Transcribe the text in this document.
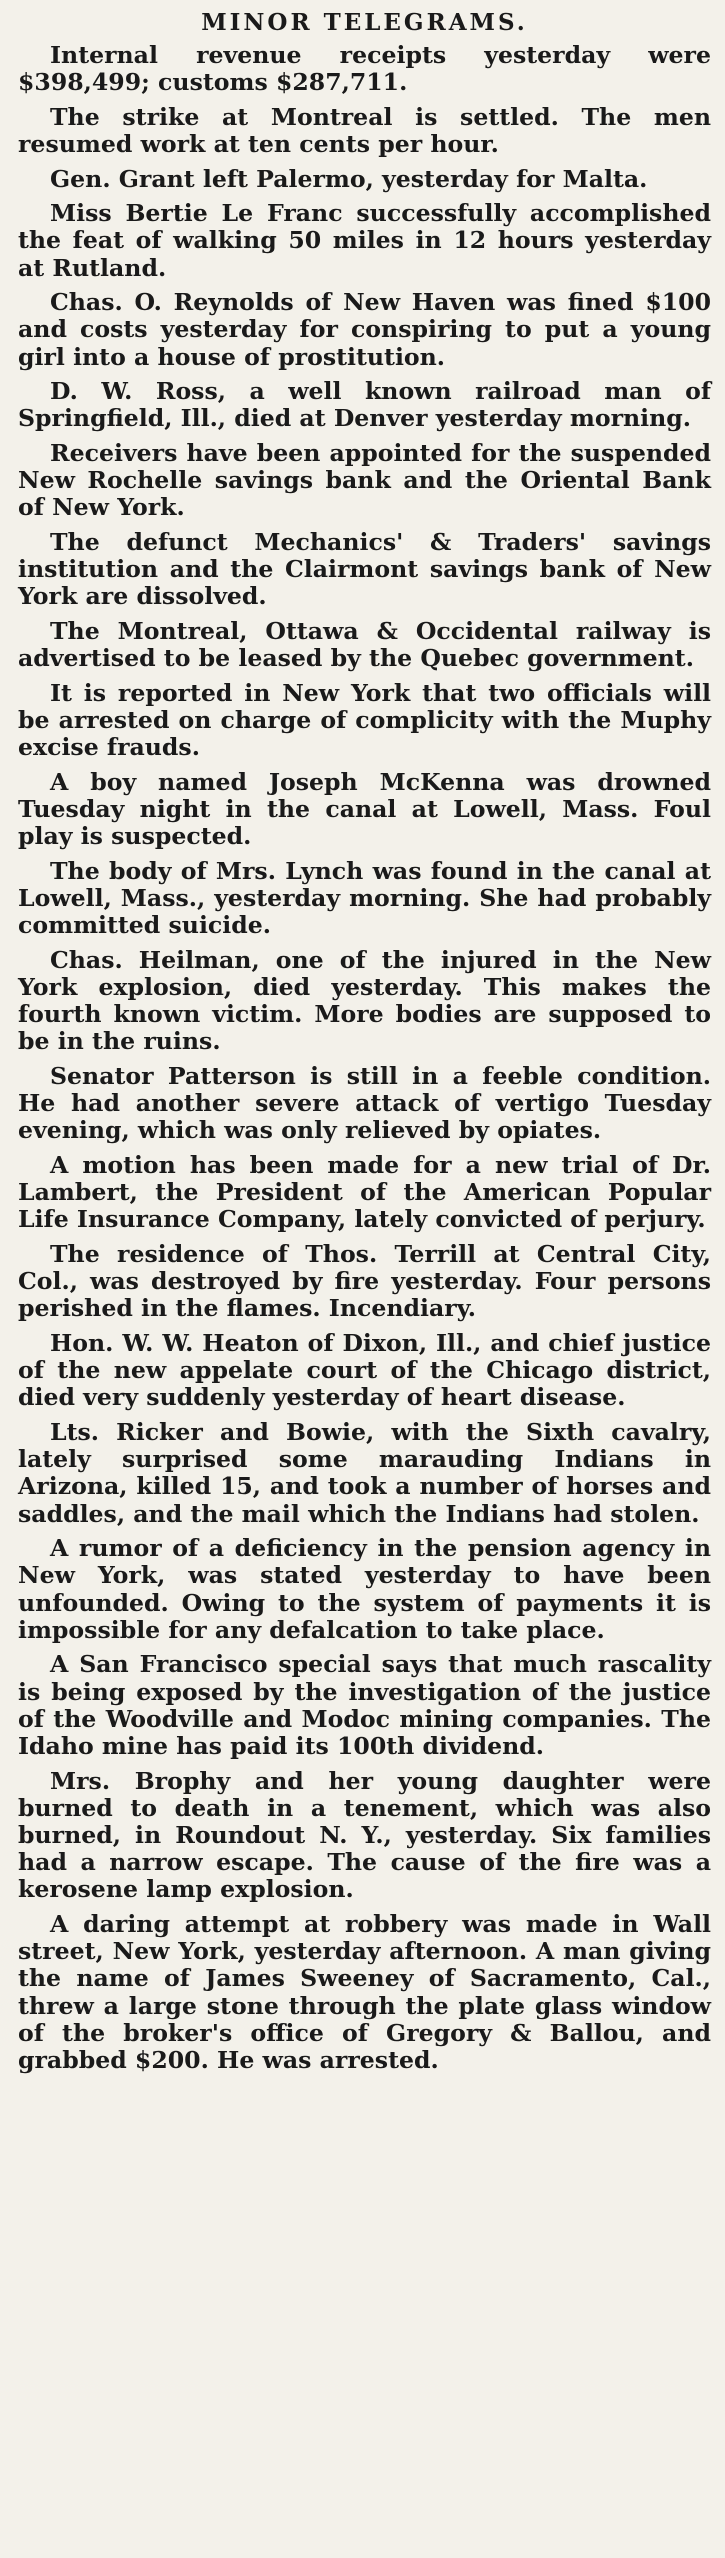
MINOR TELEGRAMS.

Internal revenue receipts yesterday were $398,499; customs $287,711.

The strike at Montreal is settled. The men resumed work at ten cents per hour.

Gen. Grant left Palermo, yesterday for Malta.

Miss Bertie Le Franc successfully accomplished the feat of walking 50 miles in 12 hours yesterday at Rutland.

Chas. O. Reynolds of New Haven was fined $100 and costs yesterday for conspiring to put a young girl into a house of prostitution.

D. W. Ross, a well known railroad man of Springfield, Ill., died at Denver yesterday morning.

Receivers have been appointed for the suspended New Rochelle savings bank and the Oriental Bank of New York.

The defunct Mechanics' & Traders' savings institution and the Clairmont savings bank of New York are dissolved.

The Montreal, Ottawa & Occidental railway is advertised to be leased by the Quebec government.

It is reported in New York that two officials will be arrested on charge of complicity with the Muphy excise frauds.

A boy named Joseph McKenna was drowned Tuesday night in the canal at Lowell, Mass. Foul play is suspected.

The body of Mrs. Lynch was found in the canal at Lowell, Mass., yesterday morning. She had probably committed suicide.

Chas. Heilman, one of the injured in the New York explosion, died yesterday. This makes the fourth known victim. More bodies are supposed to be in the ruins.

Senator Patterson is still in a feeble condition. He had another severe attack of vertigo Tuesday evening, which was only relieved by opiates.

A motion has been made for a new trial of Dr. Lambert, the President of the American Popular Life Insurance Company, lately convicted of perjury.

The residence of Thos. Terrill at Central City, Col., was destroyed by fire yesterday. Four persons perished in the flames. Incendiary.

Hon. W. W. Heaton of Dixon, Ill., and chief justice of the new appelate court of the Chicago district, died very suddenly yesterday of heart disease.

Lts. Ricker and Bowie, with the Sixth cavalry, lately surprised some marauding Indians in Arizona, killed 15, and took a number of horses and saddles, and the mail which the Indians had stolen.

A rumor of a deficiency in the pension agency in New York, was stated yesterday to have been unfounded. Owing to the system of payments it is impossible for any defalcation to take place.

A San Francisco special says that much rascality is being exposed by the investigation of the justice of the Woodville and Modoc mining companies. The Idaho mine has paid its 100th dividend.

Mrs. Brophy and her young daughter were burned to death in a tenement, which was also burned, in Roundout N. Y., yesterday. Six families had a narrow escape. The cause of the fire was a kerosene lamp explosion.

A daring attempt at robbery was made in Wall street, New York, yesterday afternoon. A man giving the name of James Sweeney of Sacramento, Cal., threw a large stone through the plate glass window of the broker's office of Gregory & Ballou, and grabbed $200. He was arrested.
